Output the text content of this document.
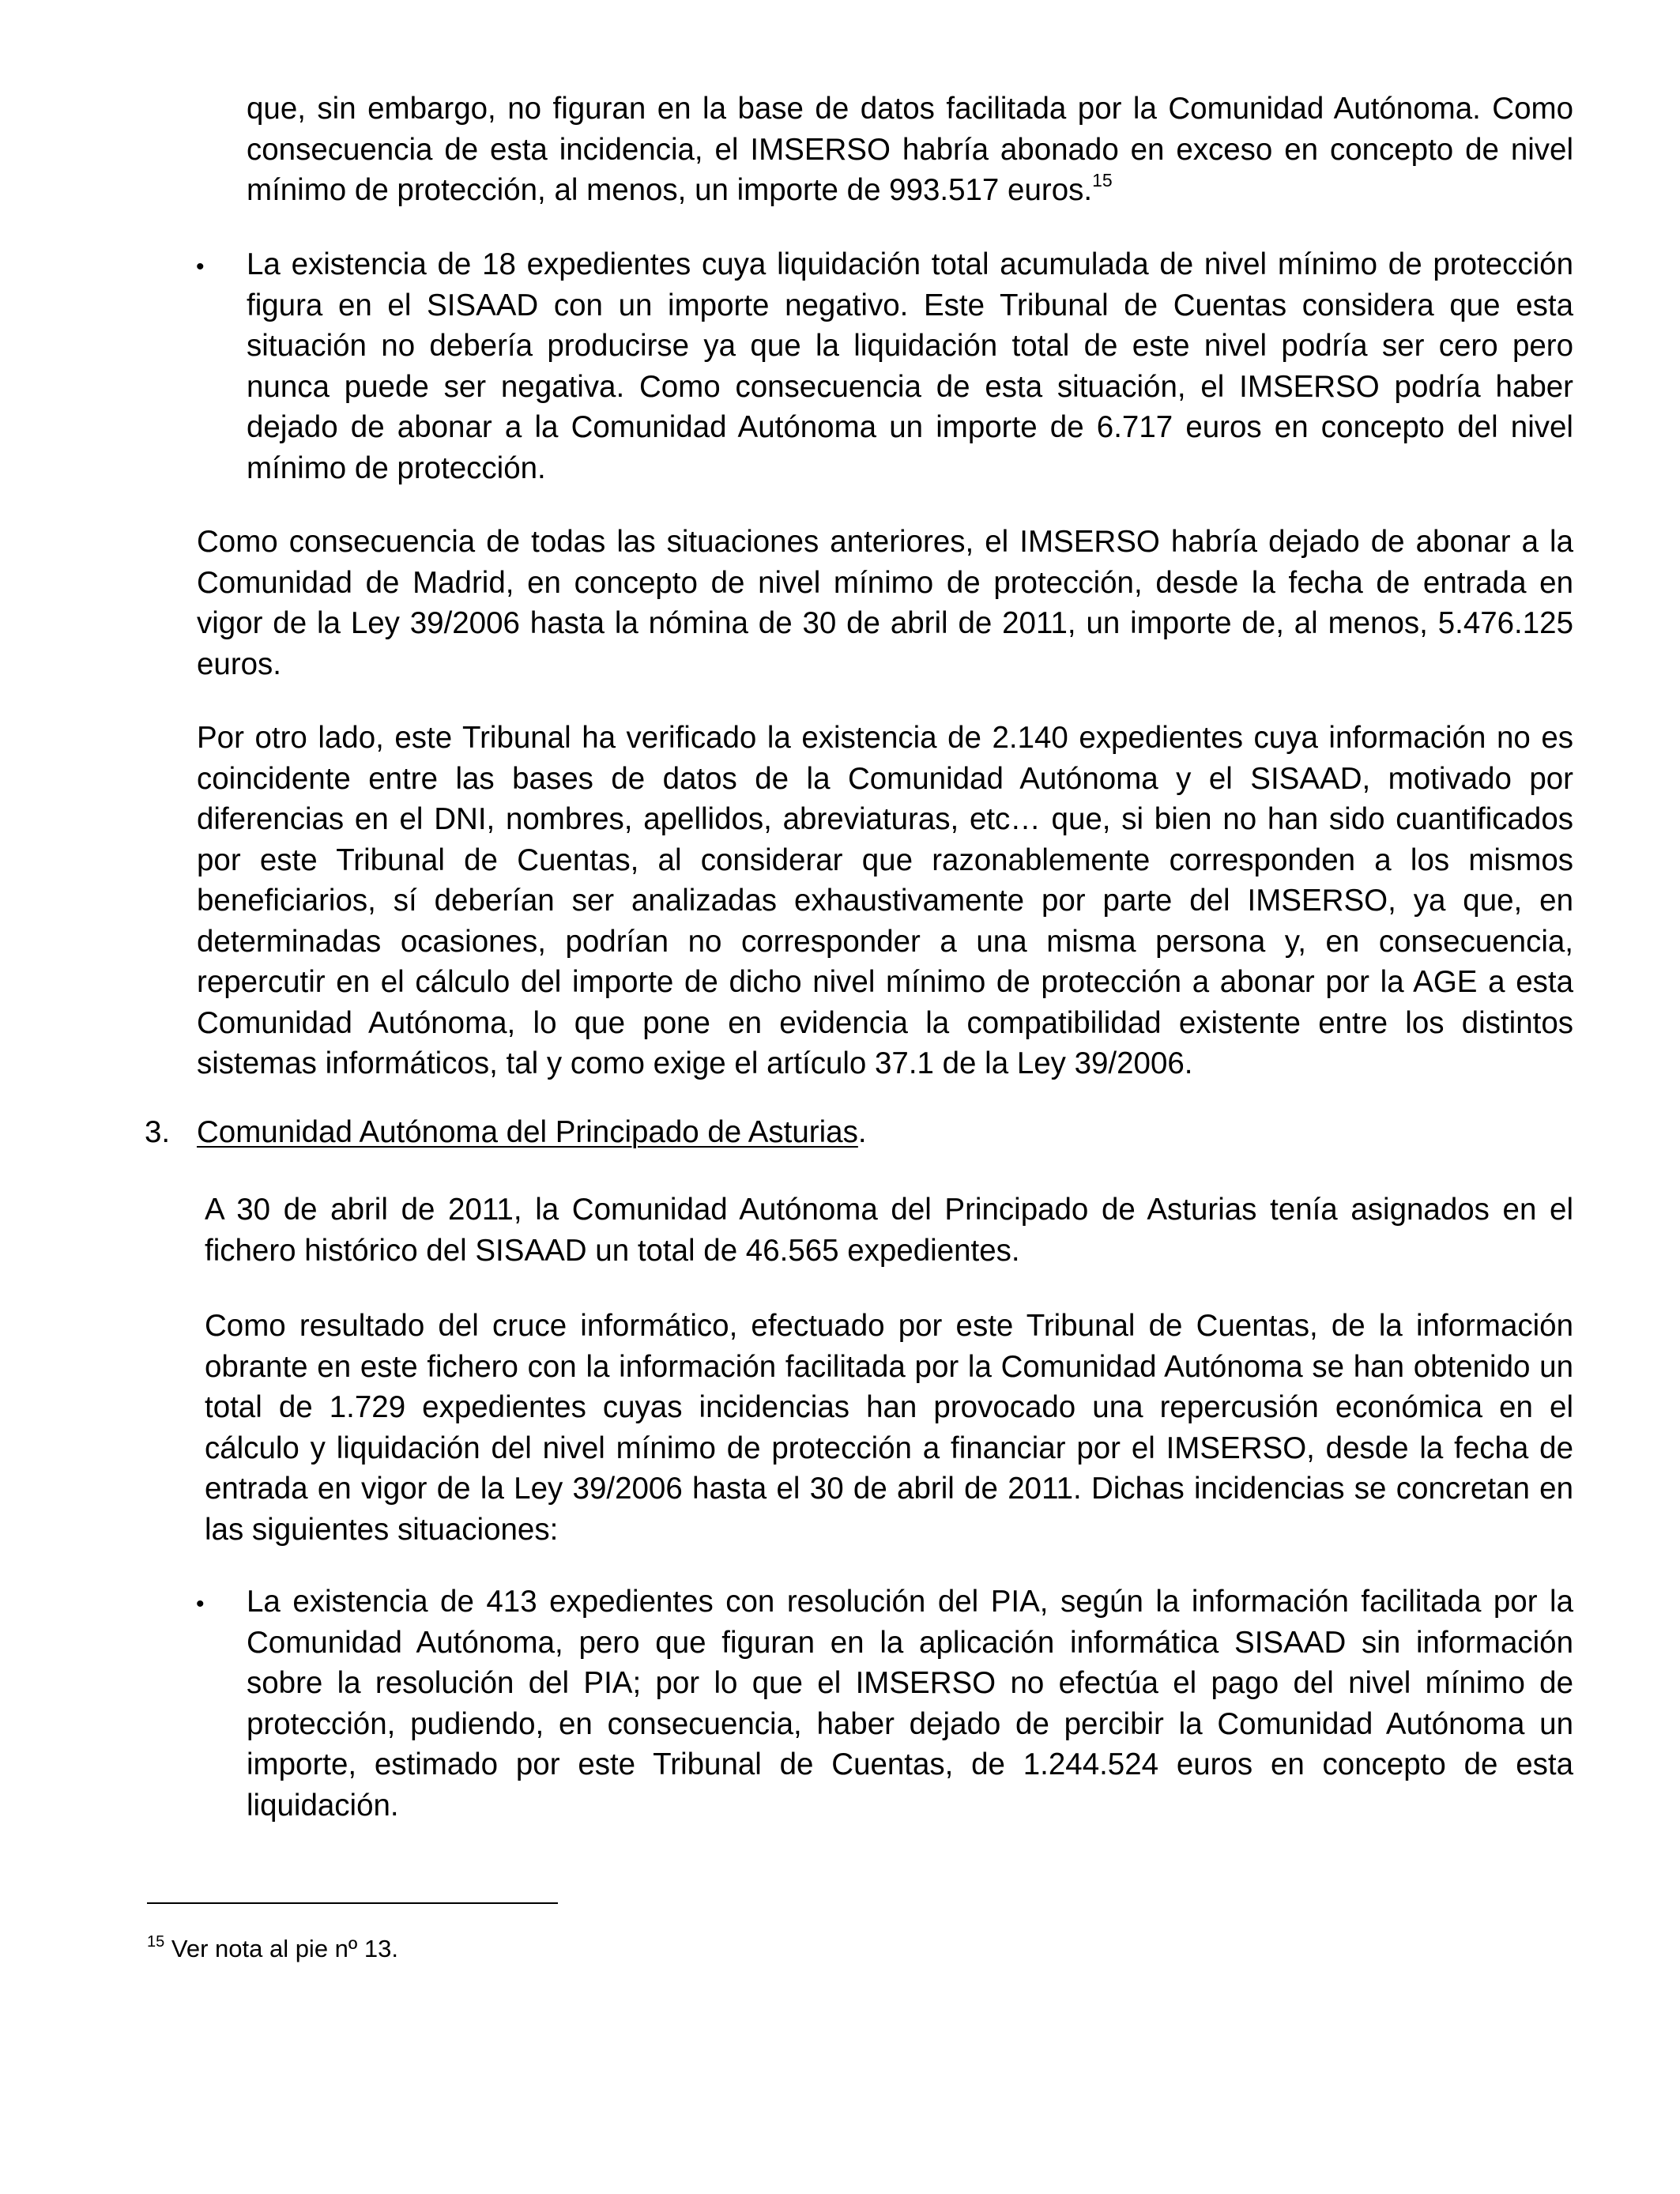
que, sin embargo, no figuran en la base de datos facilitada por la Comunidad Autónoma. Como consecuencia de esta incidencia, el IMSERSO habría abonado en exceso en concepto de nivel mínimo de protección, al menos, un importe de 993.517 euros.$^{15}$

• La existencia de 18 expedientes cuya liquidación total acumulada de nivel mínimo de protección figura en el SISAAD con un importe negativo. Este Tribunal de Cuentas considera que esta situación no debería producirse ya que la liquidación total de este nivel podría ser cero pero nunca puede ser negativa. Como consecuencia de esta situación, el IMSERSO podría haber dejado de abonar a la Comunidad Autónoma un importe de 6.717 euros en concepto del nivel mínimo de protección.

Como consecuencia de todas las situaciones anteriores, el IMSERSO habría dejado de abonar a la Comunidad de Madrid, en concepto de nivel mínimo de protección, desde la fecha de entrada en vigor de la Ley 39/2006 hasta la nómina de 30 de abril de 2011, un importe de, al menos, 5.476.125 euros.

Por otro lado, este Tribunal ha verificado la existencia de 2.140 expedientes cuya información no es coincidente entre las bases de datos de la Comunidad Autónoma y el SISAAD, motivado por diferencias en el DNI, nombres, apellidos, abreviaturas, etc… que, si bien no han sido cuantificados por este Tribunal de Cuentas, al considerar que razonablemente corresponden a los mismos beneficiarios, sí deberían ser analizadas exhaustivamente por parte del IMSERSO, ya que, en determinadas ocasiones, podrían no corresponder a una misma persona y, en consecuencia, repercutir en el cálculo del importe de dicho nivel mínimo de protección a abonar por la AGE a esta Comunidad Autónoma, lo que pone en evidencia la compatibilidad existente entre los distintos sistemas informáticos, tal y como exige el artículo 37.1 de la Ley 39/2006.

3. Comunidad Autónoma del Principado de Asturias.

A 30 de abril de 2011, la Comunidad Autónoma del Principado de Asturias tenía asignados en el fichero histórico del SISAAD un total de 46.565 expedientes.

Como resultado del cruce informático, efectuado por este Tribunal de Cuentas, de la información obrante en este fichero con la información facilitada por la Comunidad Autónoma se han obtenido un total de 1.729 expedientes cuyas incidencias han provocado una repercusión económica en el cálculo y liquidación del nivel mínimo de protección a financiar por el IMSERSO, desde la fecha de entrada en vigor de la Ley 39/2006 hasta el 30 de abril de 2011. Dichas incidencias se concretan en las siguientes situaciones:

• La existencia de 413 expedientes con resolución del PIA, según la información facilitada por la Comunidad Autónoma, pero que figuran en la aplicación informática SISAAD sin información sobre la resolución del PIA; por lo que el IMSERSO no efectúa el pago del nivel mínimo de protección, pudiendo, en consecuencia, haber dejado de percibir la Comunidad Autónoma un importe, estimado por este Tribunal de Cuentas, de 1.244.524 euros en concepto de esta liquidación.

$^{15}$ Ver nota al pie nº 13.
